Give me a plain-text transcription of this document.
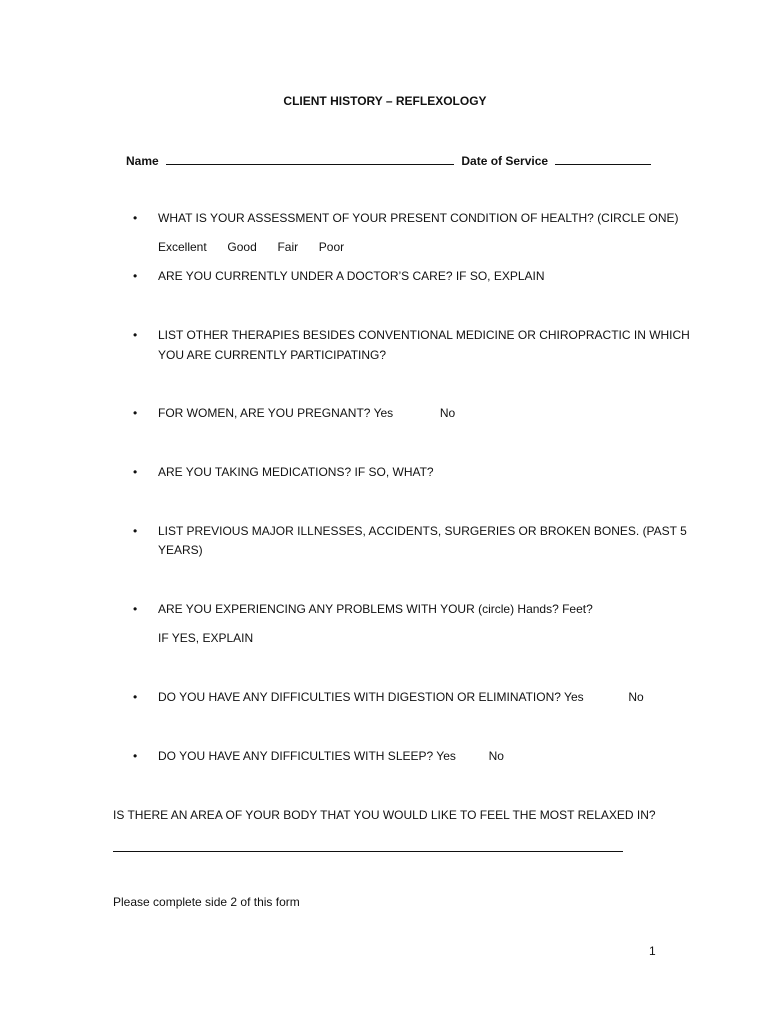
CLIENT HISTORY – REFLEXOLOGY
Name	Date of Service
• WHAT IS YOUR ASSESSMENT OF YOUR PRESENT CONDITION OF HEALTH? (CIRCLE ONE)
Excellent Good Fair Poor
• ARE YOU CURRENTLY UNDER A DOCTOR’S CARE? IF SO, EXPLAIN
• LIST OTHER THERAPIES BESIDES CONVENTIONAL MEDICINE OR CHIROPRACTIC IN WHICH
YOU ARE CURRENTLY PARTICIPATING?
• FOR WOMEN, ARE YOU PREGNANT? Yes	No
• ARE YOU TAKING MEDICATIONS? IF SO, WHAT?
• LIST PREVIOUS MAJOR ILLNESSES, ACCIDENTS, SURGERIES OR BROKEN BONES. (PAST 5
YEARS)
• ARE YOU EXPERIENCING ANY PROBLEMS WITH YOUR (circle) Hands? Feet?
IF YES, EXPLAIN
• DO YOU HAVE ANY DIFFICULTIES WITH DIGESTION OR ELIMINATION? Yes	No
• DO YOU HAVE ANY DIFFICULTIES WITH SLEEP? Yes	No
IS THERE AN AREA OF YOUR BODY THAT YOU WOULD LIKE TO FEEL THE MOST RELAXED IN?
Please complete side 2 of this form
1
